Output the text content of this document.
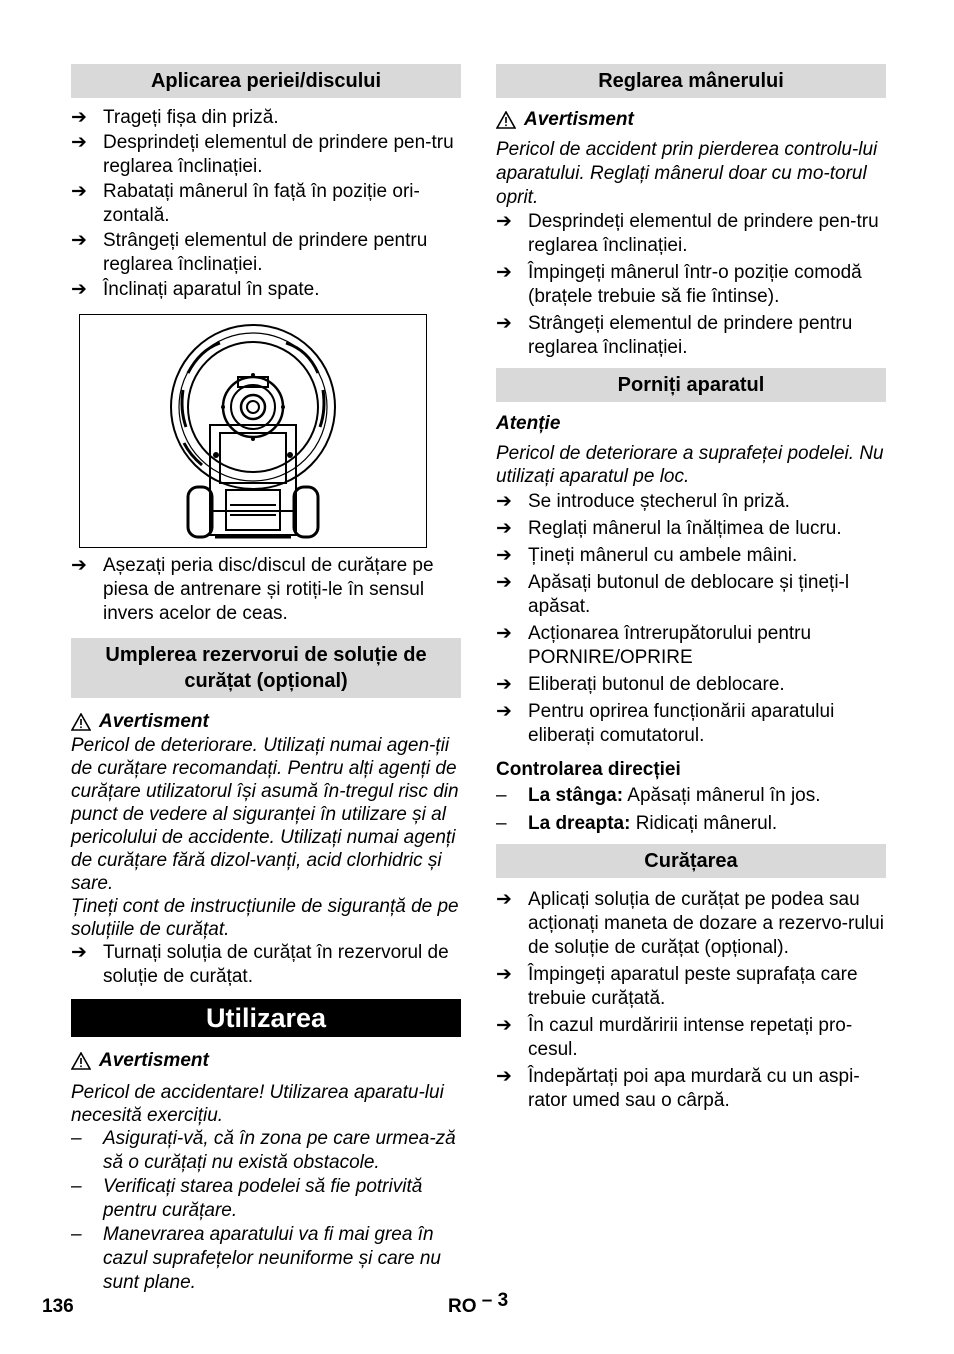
Aplicarea periei/discului
➔ Trageți fișa din priză.
➔ Desprindeți elementul de prindere pen-tru reglarea înclinației.
➔ Rabatați mânerul în față în poziție ori-zontală.
➔ Strângeți elementul de prindere pentru reglarea înclinației.
➔ Înclinați aparatul în spate.
➔ Așezați peria disc/discul de curățare pe piesa de antrenare și rotiți-le în sensul invers acelor de ceas.
Umplerea rezervorui de soluție de curățat (opțional)
Avertisment
Pericol de deteriorare. Utilizați numai agen-ții de curățare recomandați. Pentru alți agenți de curățare utilizatorul își asumă în-tregul risc din punct de vedere al siguranței în utilizare și al pericolului de accidente. Utilizați numai agenți de curățare fără dizol-vanți, acid clorhidric și sare.
Țineți cont de instrucțiunile de siguranță de pe soluțiile de curățat.
➔ Turnați soluția de curățat în rezervorul de soluție de curățat.
Utilizarea
Avertisment
Pericol de accidentare! Utilizarea aparatu-lui necesită exercițiu.
–	Asigurați-vă, că în zona pe care urmea-ză să o curățați nu există obstacole.
–	Verificați starea podelei să fie potrivită pentru curățare.
–	Manevrarea aparatului va fi mai grea în cazul suprafețelor neuniforme și care nu sunt plane.
Reglarea mânerului
Avertisment
Pericol de accident prin pierderea controlu-lui aparatului. Reglați mânerul doar cu mo-torul oprit.
➔ Desprindeți elementul de prindere pen-tru reglarea înclinației.
➔ Împingeți mânerul într-o poziție comodă (brațele trebuie să fie întinse).
➔ Strângeți elementul de prindere pentru reglarea înclinației.
Porniți aparatul
Atenție
Pericol de deteriorare a suprafeței podelei. Nu utilizați aparatul pe loc.
➔ Se introduce ștecherul în priză.
➔ Reglați mânerul la înălțimea de lucru.
➔ Țineți mânerul cu ambele mâini.
➔ Apăsați butonul de deblocare și țineți-l apăsat.
➔ Acționarea întrerupătorului pentru PORNIRE/OPRIRE
➔ Eliberați butonul de deblocare.
➔ Pentru oprirea funcționării aparatului eliberați comutatorul.
Controlarea direcției
–	La stânga: Apăsați mânerul în jos.
–	La dreapta: Ridicați mânerul.
Curățarea
➔ Aplicați soluția de curățat pe podea sau acționați maneta de dozare a rezervo-rului de soluție de curățat (opțional).
➔ Împingeți aparatul peste suprafața care trebuie curățată.
➔ În cazul murdăririi intense repetați pro-cesul.
➔ Îndepărtați poi apa murdară cu un aspi-rator umed sau o cârpă.
136	RO – 3
